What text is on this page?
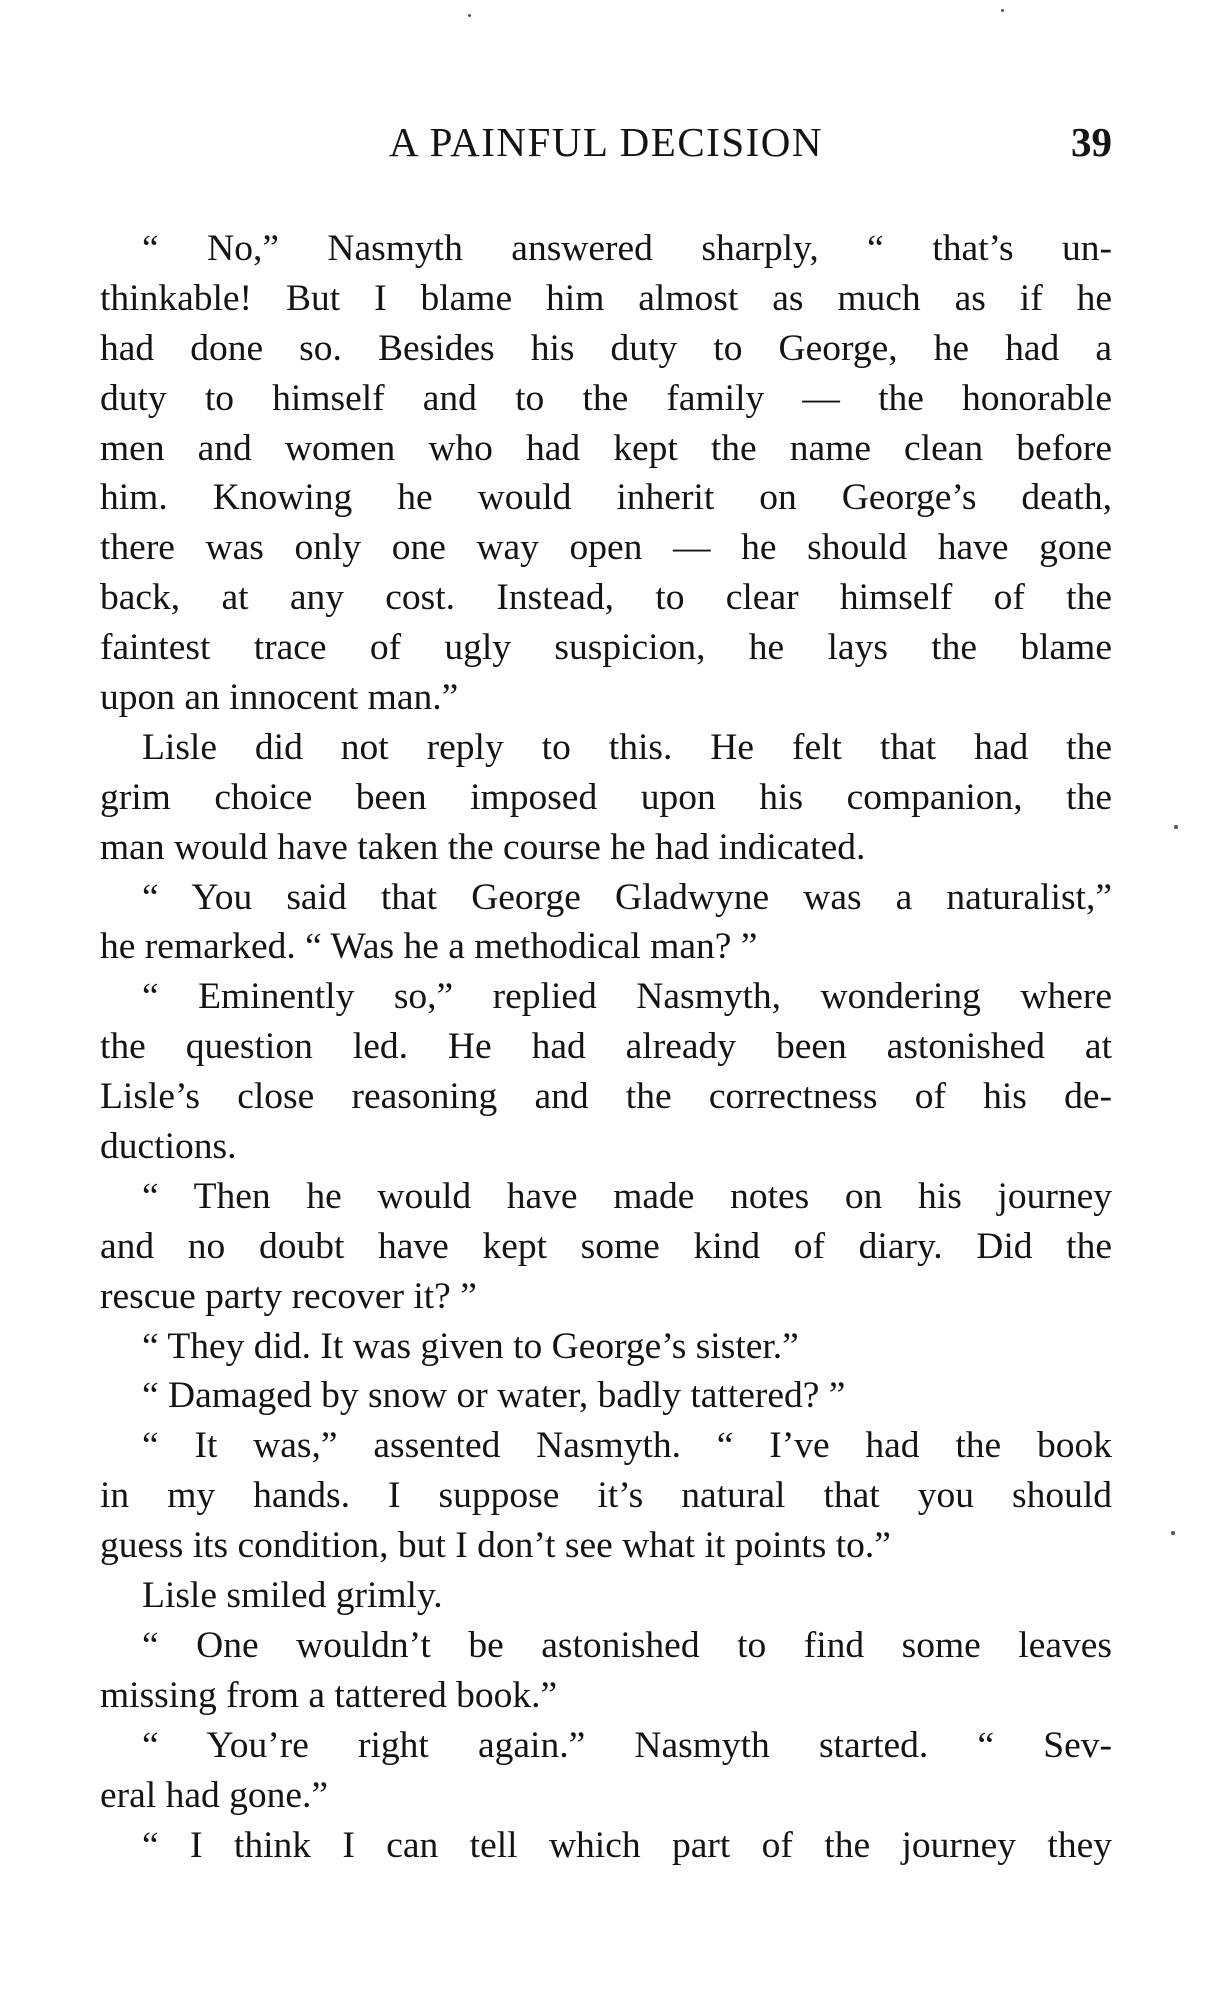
A PAINFUL DECISION	39
“ No,” Nasmyth answered sharply, “ that’s un-
thinkable! But I blame him almost as much as if he
had done so. Besides his duty to George, he had a
duty to himself and to the family — the honorable
men and women who had kept the name clean before
him. Knowing he would inherit on George’s death,
there was only one way open — he should have gone
back, at any cost. Instead, to clear himself of the
faintest trace of ugly suspicion, he lays the blame
upon an innocent man.”
Lisle did not reply to this. He felt that had the
grim choice been imposed upon his companion, the
man would have taken the course he had indicated.
“ You said that George Gladwyne was a naturalist,”
he remarked. “ Was he a methodical man? ”
“ Eminently so,” replied Nasmyth, wondering where
the question led. He had already been astonished at
Lisle’s close reasoning and the correctness of his de-
ductions.
“ Then he would have made notes on his journey
and no doubt have kept some kind of diary. Did the
rescue party recover it? ”
“ They did. It was given to George’s sister.”
“ Damaged by snow or water, badly tattered? ”
“ It was,” assented Nasmyth. “ I’ve had the book
in my hands. I suppose it’s natural that you should
guess its condition, but I don’t see what it points to.”
Lisle smiled grimly.
“ One wouldn’t be astonished to find some leaves
missing from a tattered book.”
“ You’re right again.” Nasmyth started. “ Sev-
eral had gone.”
“ I think I can tell which part of the journey they
